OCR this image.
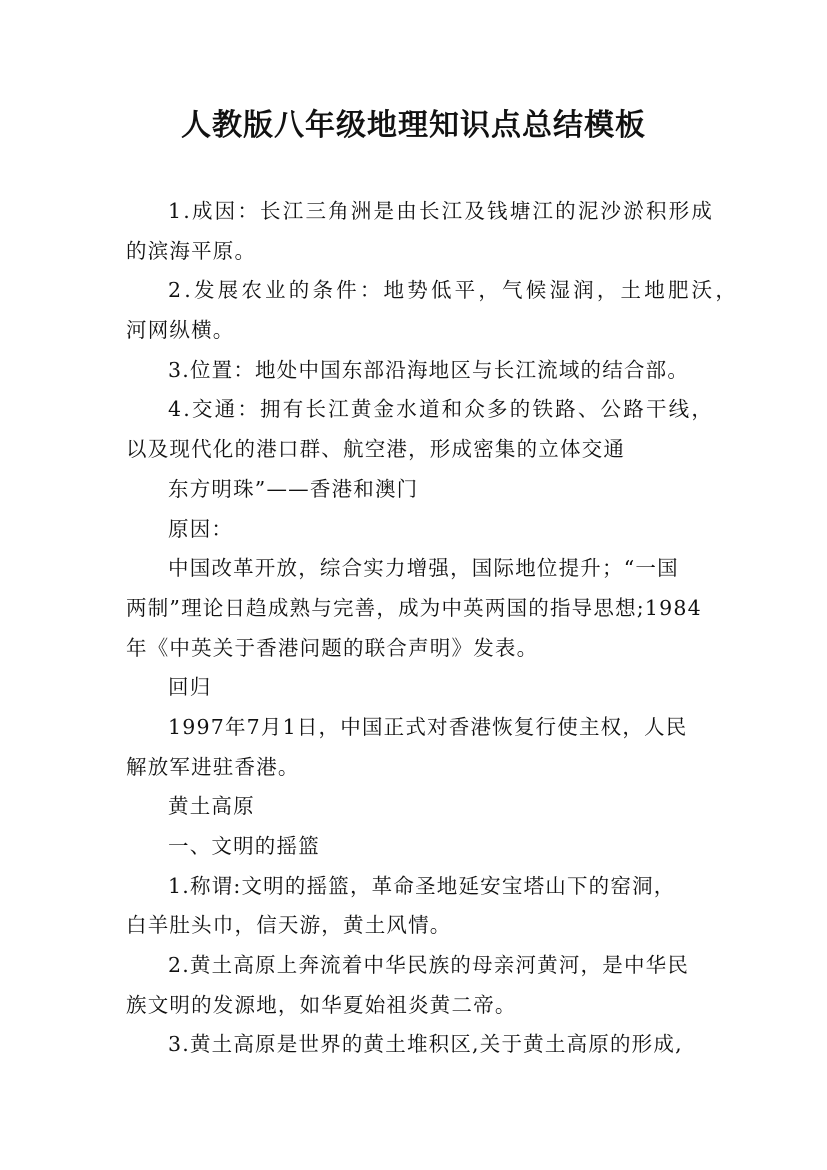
人教版八年级地理知识点总结模板

1.成因：长江三角洲是由长江及钱塘江的泥沙淤积形成

的滨海平原。

2.发展农业的条件：地势低平，气候湿润，土地肥沃，

河网纵横。

3.位置：地处中国东部沿海地区与长江流域的结合部。

4.交通：拥有长江黄金水道和众多的铁路、公路干线，

以及现代化的港口群、航空港，形成密集的立体交通

东方明珠”——香港和澳门

原因：

中国改革开放，综合实力增强，国际地位提升；“一国

两制”理论日趋成熟与完善，成为中英两国的指导思想;1984

年《中英关于香港问题的联合声明》发表。

回归

1997年7月1日，中国正式对香港恢复行使主权，人民

解放军进驻香港。

黄土高原

一、文明的摇篮

1.称谓:文明的摇篮，革命圣地延安宝塔山下的窑洞，

白羊肚头巾，信天游，黄土风情。

2.黄土高原上奔流着中华民族的母亲河黄河，是中华民

族文明的发源地，如华夏始祖炎黄二帝。

3.黄土高原是世界的黄土堆积区,关于黄土高原的形成,
